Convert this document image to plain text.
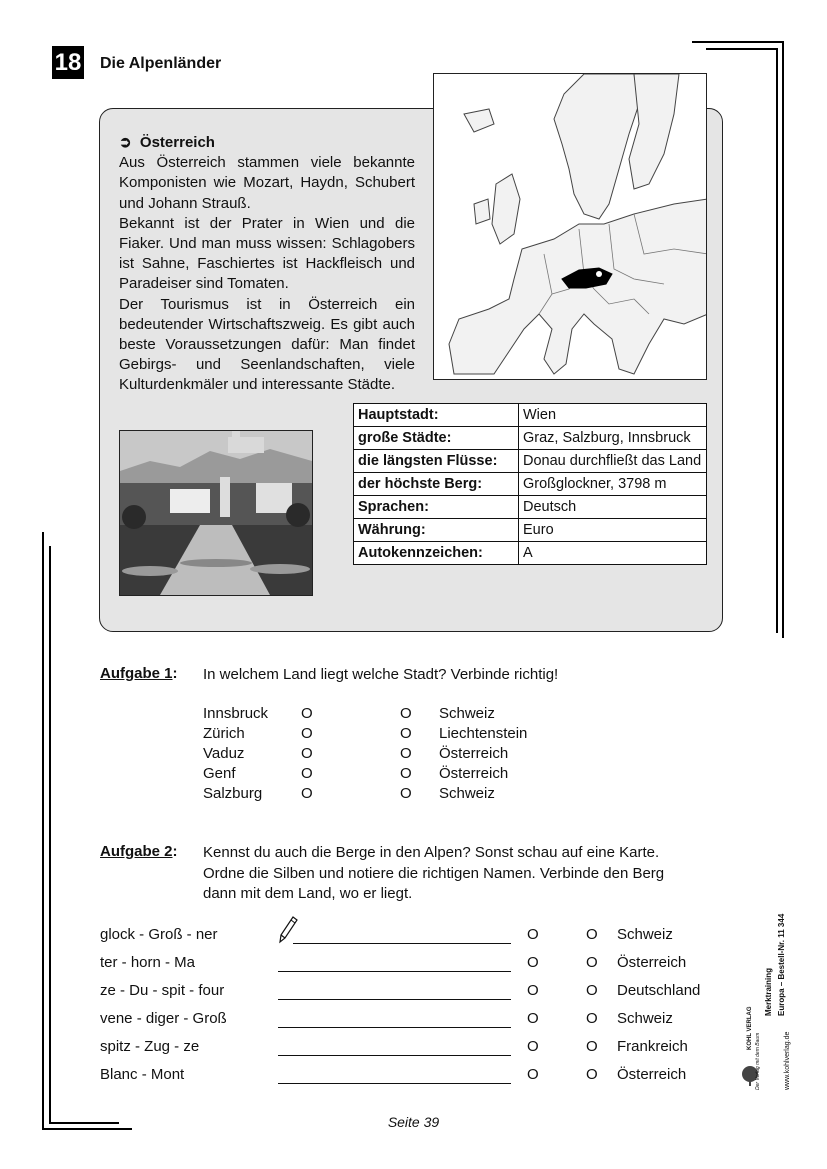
18 Die Alpenländer
➲ Österreich

Aus Österreich stammen viele bekannte Komponisten wie Mozart, Haydn, Schubert und Johann Strauß.

Bekannt ist der Prater in Wien und die Fiaker. Und man muss wissen: Schlagobers ist Sahne, Faschiertes ist Hackfleisch und Paradeiser sind Tomaten.

Der Tourismus ist in Österreich ein bedeutender Wirtschaftszweig. Es gibt auch beste Voraussetzungen dafür: Man findet Gebirgs- und Seenlandschaften, viele Kulturdenkmäler und interessante Städte.

Hauptstadt:	Wien
große Städte:	Graz, Salzburg, Innsbruck
die längsten Flüsse:	Donau durchfließt das Land
der höchste Berg:	Großglockner, 3798 m
Sprachen:	Deutsch
Währung:	Euro
Autokennzeichen:	A
Aufgabe 1: In welchem Land liegt welche Stadt? Verbinde richtig!
Innsbruck O	O Schweiz
Zürich	O	O Liechtenstein
Vaduz	O	O Österreich
Genf	O	O Österreich
Salzburg	O	O Schweiz
Aufgabe 2: Kennst du auch die Berge in den Alpen? Sonst schau auf eine Karte.
Ordne die Silben und notiere die richtigen Namen. Verbinde den Berg
dann mit dem Land, wo er liegt.
glock - Groß - ner	O	O Schweiz
ter - horn - Ma	O	O Österreich
ze - Du - spit - four	O	O Deutschland
vene - diger - Groß	O	O Schweiz
spitz - Zug - ze	O	O Frankreich
Blanc - Mont	O	O Österreich
Merktraining Europa – Bestell-Nr. 11 344
www.kohlverlag.de
KOHL VERLAG
Der Verlag mit dem Baum
Seite 39
